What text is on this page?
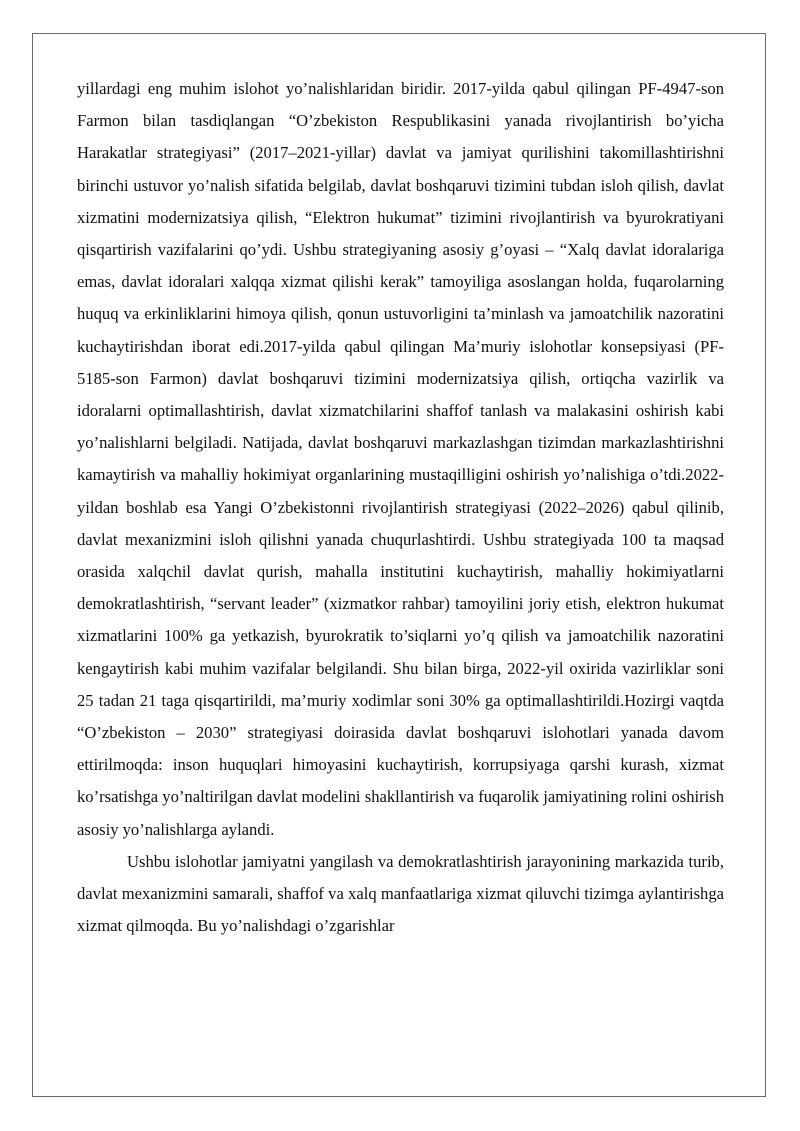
yillardagi eng muhim islohot yo’nalishlaridan biridir. 2017-yilda qabul qilingan PF-4947-son Farmon bilan tasdiqlangan “O’zbekiston Respublikasini yanada rivojlantirish bo’yicha Harakatlar strategiyasi” (2017–2021-yillar) davlat va jamiyat qurilishini takomillashtirishni birinchi ustuvor yo’nalish sifatida belgilab, davlat boshqaruvi tizimini tubdan isloh qilish, davlat xizmatini modernizatsiya qilish, “Elektron hukumat” tizimini rivojlantirish va byurokratiyani qisqartirish vazifalarini qo’ydi. Ushbu strategiyaning asosiy g’oyasi – “Xalq davlat idoralariga emas, davlat idoralari xalqqa xizmat qilishi kerak” tamoyiliga asoslangan holda, fuqarolarning huquq va erkinliklarini himoya qilish, qonun ustuvorligini ta’minlash va jamoatchilik nazoratini kuchaytirishdan iborat edi.2017-yilda qabul qilingan Ma’muriy islohotlar konsepsiyasi (PF-5185-son Farmon) davlat boshqaruvi tizimini modernizatsiya qilish, ortiqcha vazirlik va idoralarni optimallashtirish, davlat xizmatchilarini shaffof tanlash va malakasini oshirish kabi yo’nalishlarni belgiladi. Natijada, davlat boshqaruvi markazlashgan tizimdan markazlashtirishni kamaytirish va mahalliy hokimiyat organlarining mustaqilligini oshirish yo’nalishiga o’tdi.2022-yildan boshlab esa Yangi O’zbekistonni rivojlantirish strategiyasi (2022–2026) qabul qilinib, davlat mexanizmini isloh qilishni yanada chuqurlashtirdi. Ushbu strategiyada 100 ta maqsad orasida xalqchil davlat qurish, mahalla institutini kuchaytirish, mahalliy hokimiyatlarni demokratlashtirish, “servant leader” (xizmatkor rahbar) tamoyilini joriy etish, elektron hukumat xizmatlarini 100% ga yetkazish, byurokratik to’siqlarni yo’q qilish va jamoatchilik nazoratini kengaytirish kabi muhim vazifalar belgilandi. Shu bilan birga, 2022-yil oxirida vazirliklar soni 25 tadan 21 taga qisqartirildi, ma’muriy xodimlar soni 30% ga optimallashtirildi.Hozirgi vaqtda “O’zbekiston – 2030” strategiyasi doirasida davlat boshqaruvi islohotlari yanada davom ettirilmoqda: inson huquqlari himoyasini kuchaytirish, korrupsiyaga qarshi kurash, xizmat ko’rsatishga yo’naltirilgan davlat modelini shakllantirish va fuqarolik jamiyatining rolini oshirish asosiy yo’nalishlarga aylandi.

Ushbu islohotlar jamiyatni yangilash va demokratlashtirish jarayonining markazida turib, davlat mexanizmini samarali, shaffof va xalq manfaatlariga xizmat qiluvchi tizimga aylantirishga xizmat qilmoqda. Bu yo’nalishdagi o’zgarishlar
